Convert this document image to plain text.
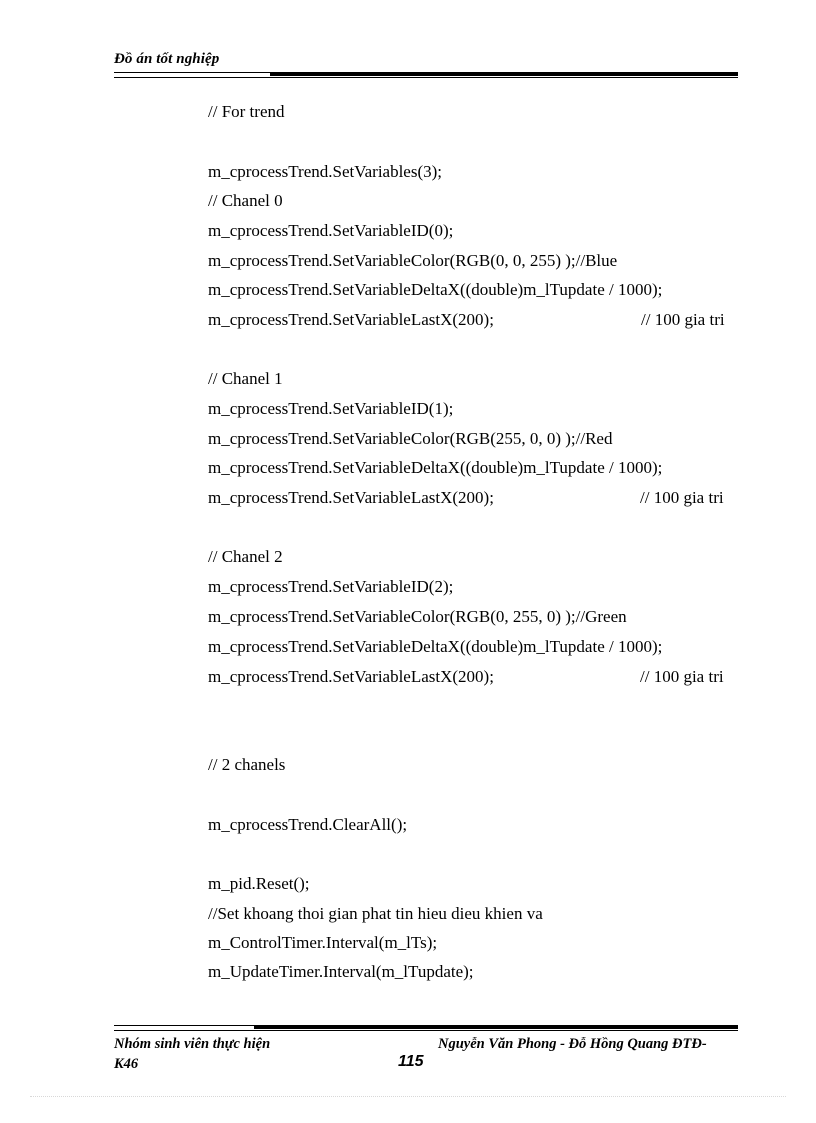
Đồ án tốt nghiệp
// For trend
m_cprocessTrend.SetVariables(3);
// Chanel 0
m_cprocessTrend.SetVariableID(0);
m_cprocessTrend.SetVariableColor(RGB(0, 0, 255) );//Blue
m_cprocessTrend.SetVariableDeltaX((double)m_lTupdate / 1000);
m_cprocessTrend.SetVariableLastX(200);	// 100 gia tri
// Chanel 1
m_cprocessTrend.SetVariableID(1);
m_cprocessTrend.SetVariableColor(RGB(255, 0, 0) );//Red
m_cprocessTrend.SetVariableDeltaX((double)m_lTupdate / 1000);
m_cprocessTrend.SetVariableLastX(200);	// 100 gia tri
// Chanel 2
m_cprocessTrend.SetVariableID(2);
m_cprocessTrend.SetVariableColor(RGB(0, 255, 0) );//Green
m_cprocessTrend.SetVariableDeltaX((double)m_lTupdate / 1000);
m_cprocessTrend.SetVariableLastX(200);	// 100 gia tri
// 2 chanels
m_cprocessTrend.ClearAll();
m_pid.Reset();
//Set khoang thoi gian phat tin hieu dieu khien va
m_ControlTimer.Interval(m_lTs);
m_UpdateTimer.Interval(m_lTupdate);
Nhóm sinh viên thực hiện
K46
Nguyễn Văn Phong - Đỗ Hồng Quang ĐTĐ-
115
